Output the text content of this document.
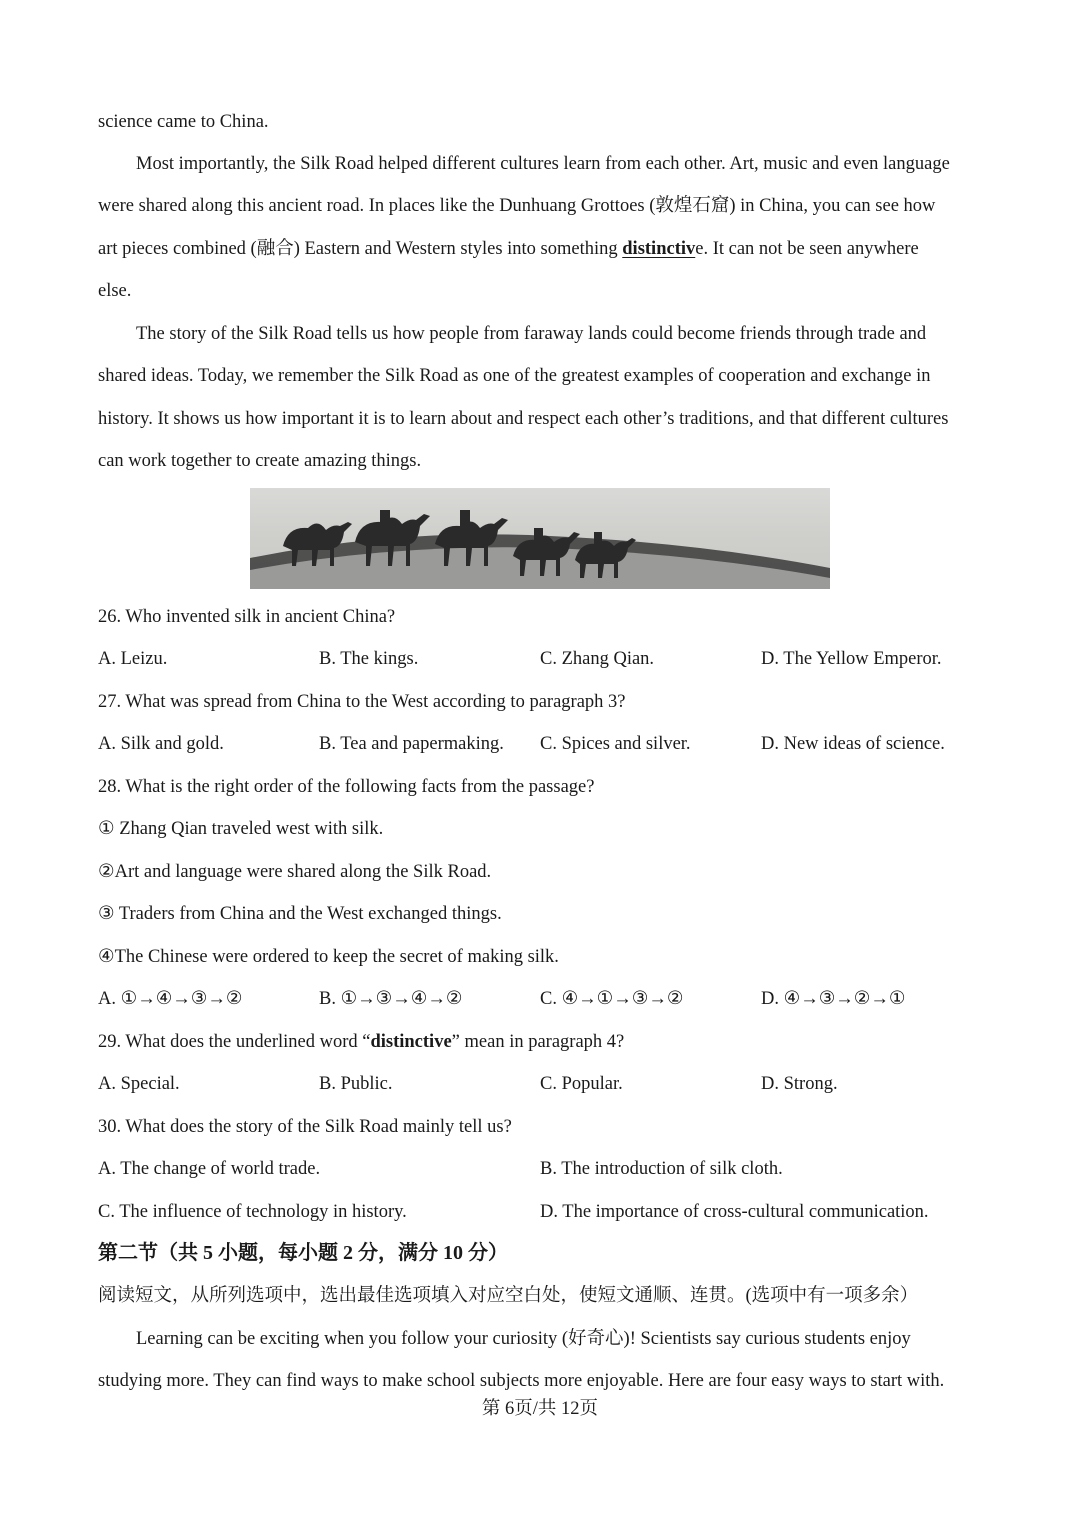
science came to China.
Most importantly, the Silk Road helped different cultures learn from each other. Art, music and even language
were shared along this ancient road. In places like the Dunhuang Grottoes (敦煌石窟) in China, you can see how
art pieces combined (融合) Eastern and Western styles into something distinctive. It can not be seen anywhere
else.
The story of the Silk Road tells us how people from faraway lands could become friends through trade and
shared ideas. Today, we remember the Silk Road as one of the greatest examples of cooperation and exchange in
history. It shows us how important it is to learn about and respect each other’s traditions, and that different cultures
can work together to create amazing things.
26. Who invented silk in ancient China?
A. Leizu.	B. The kings.	C. Zhang Qian.	D. The Yellow Emperor.
27. What was spread from China to the West according to paragraph 3?
A. Silk and gold.	B. Tea and papermaking. C. Spices and silver.	D. New ideas of science.
28. What is the right order of the following facts from the passage?
① Zhang Qian traveled west with silk.
②Art and language were shared along the Silk Road.
③ Traders from China and the West exchanged things.
④The Chinese were ordered to keep the secret of making silk.
A. ①→④→③→②	B. ①→③→④→②	C. ④→①→③→②	D. ④→③→②→①
29. What does the underlined word “distinctive” mean in paragraph 4?
A. Special.	B. Public.	C. Popular.	D. Strong.
30. What does the story of the Silk Road mainly tell us?
A. The change of world trade.	B. The introduction of silk cloth.
C. The influence of technology in history.	D. The importance of cross-cultural communication.
第二节（共 5 小题，每小题 2 分，满分 10 分）
阅读短文，从所列选项中，选出最佳选项填入对应空白处，使短文通顺、连贯。(选项中有一项多余）
Learning can be exciting when you follow your curiosity (好奇心)! Scientists say curious students enjoy
studying more. They can find ways to make school subjects more enjoyable. Here are four easy ways to start with.
第 6页/共 12页
